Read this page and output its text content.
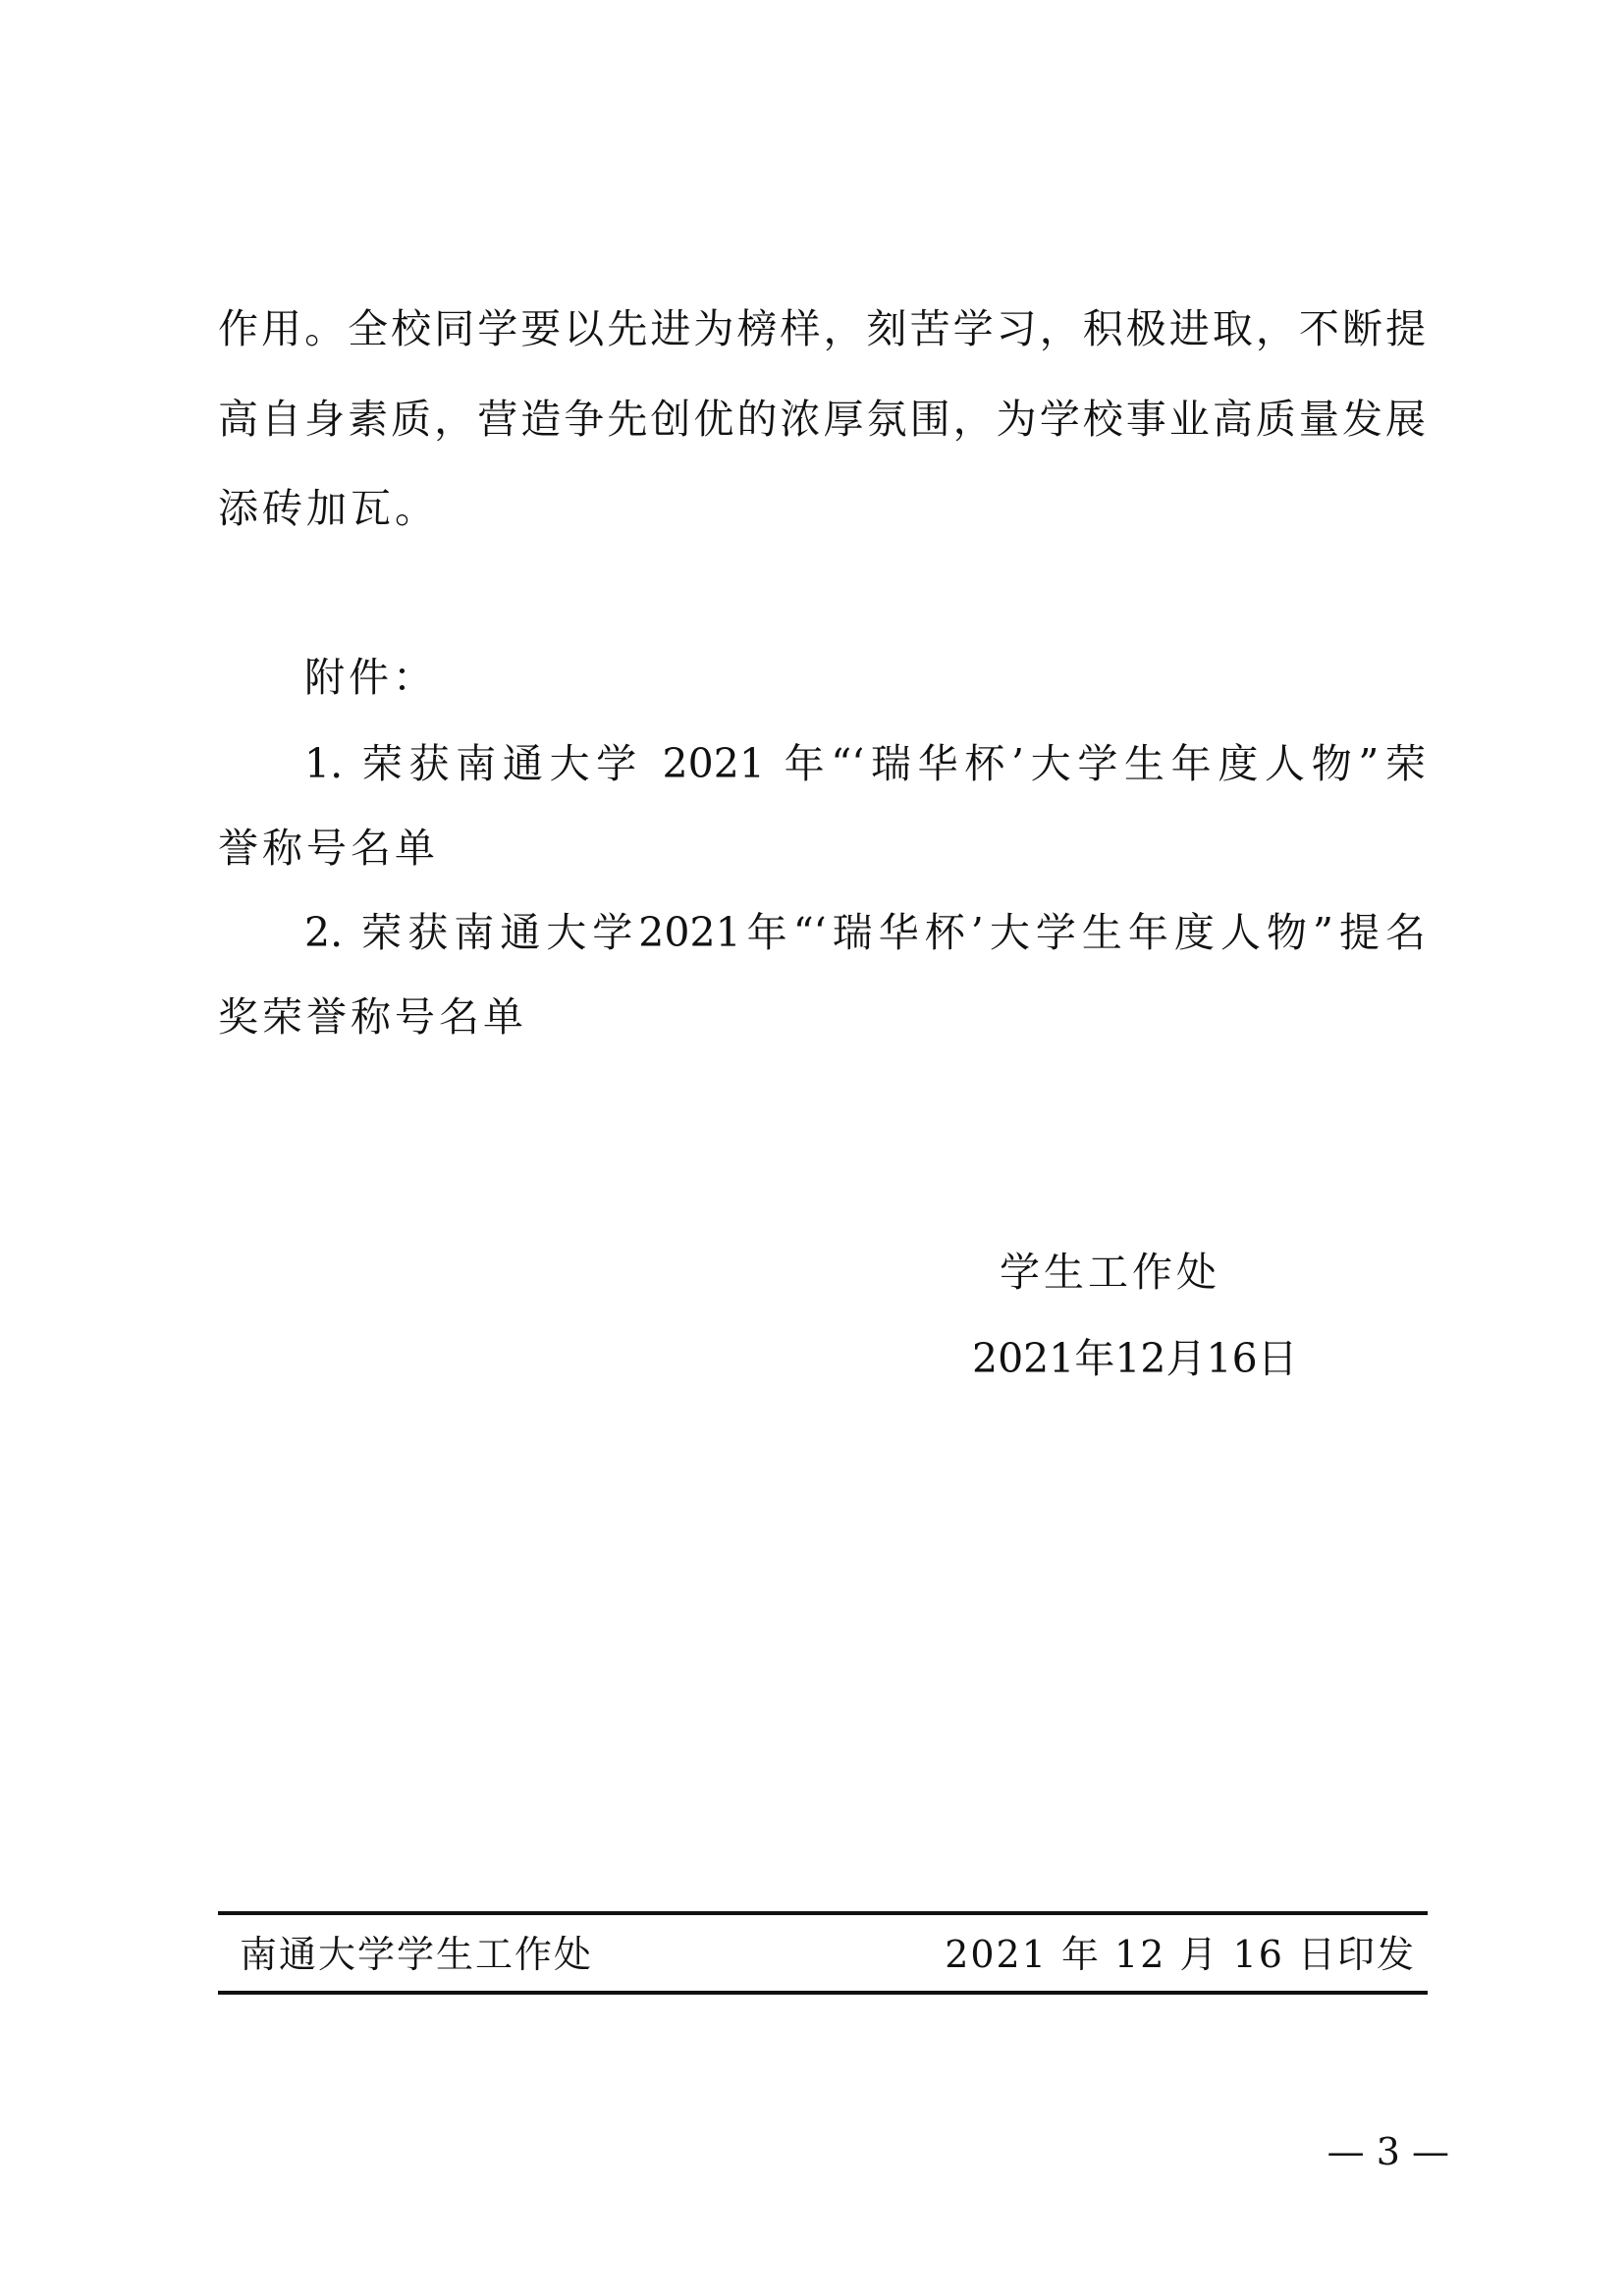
作用。全校同学要以先进为榜样，刻苦学习，积极进取，不断提
高自身素质，营造争先创优的浓厚氛围，为学校事业高质量发展
添砖加瓦。
附件：
1. 荣获南通大学 2021 年“‘瑞华杯’大学生年度人物”荣
誉称号名单
2. 荣获南通大学2021年“‘瑞华杯’大学生年度人物”提名
奖荣誉称号名单
学生工作处
2021年12月16日
南通大学学生工作处	2021 年 12 月 16 日印发
— 3 —
